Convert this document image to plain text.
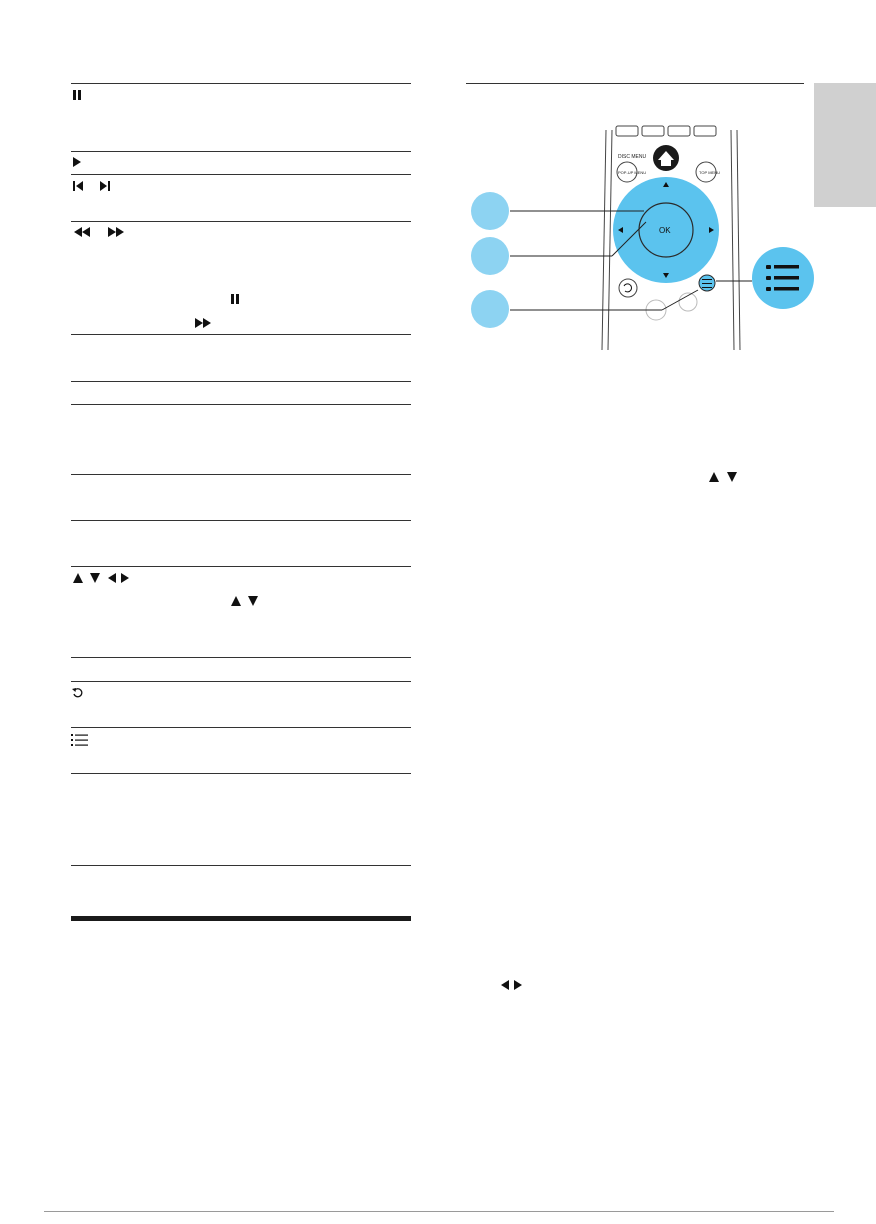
DISC MENU
POP-UP MENU	TOP MENU
OK
